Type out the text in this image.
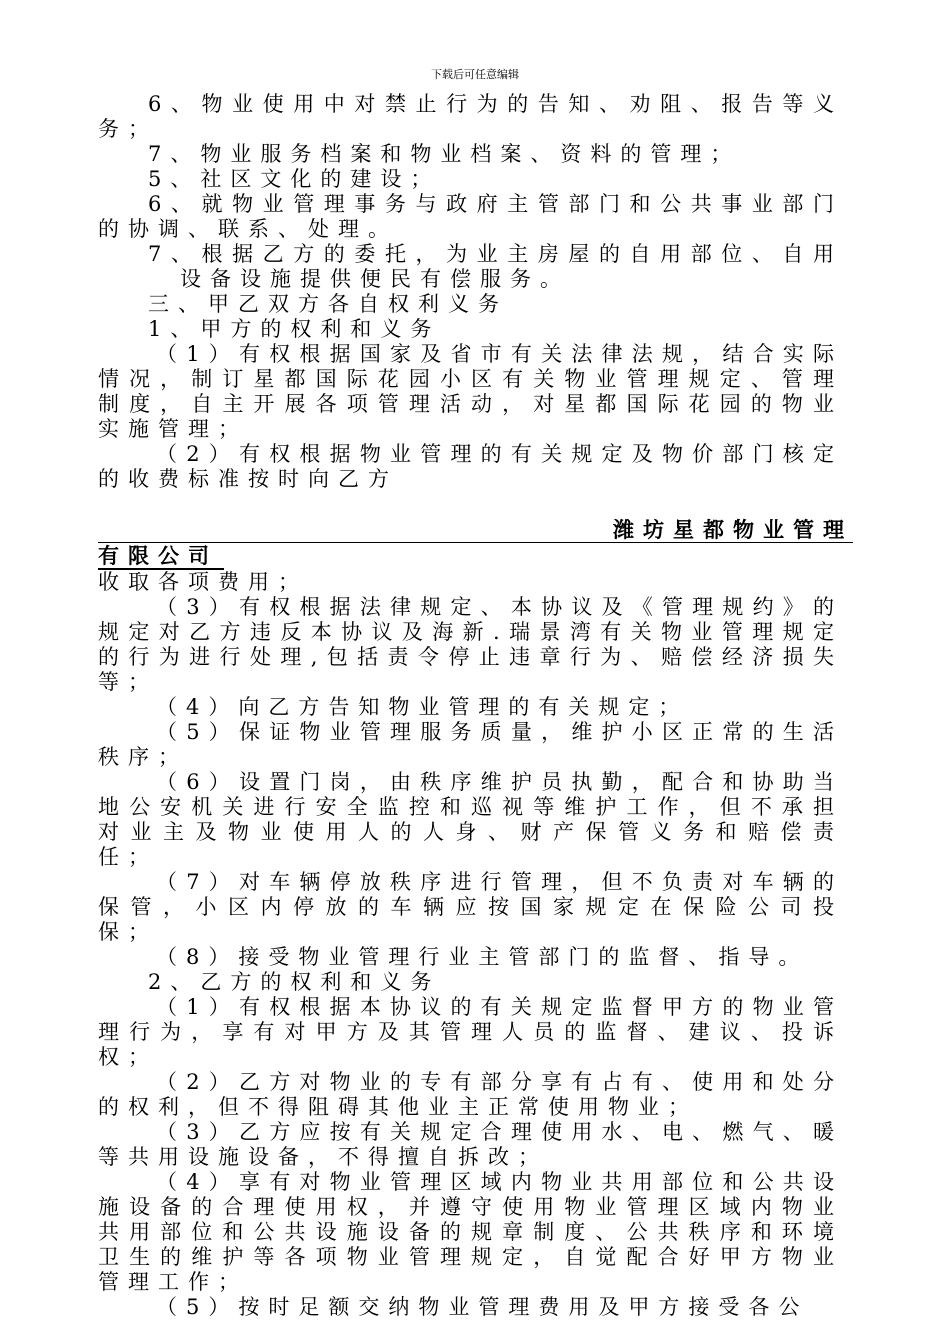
下载后可任意编辑

6、物业使用中对禁止行为的告知、劝阻、报告等义务；

7、物业服务档案和物业档案、资料的管理；

5、社区文化的建设；

6、就物业管理事务与政府主管部门和公共事业部门的协调、联系、处理。

7、根据乙方的委托，为业主房屋的自用部位、自用设备设施提供便民有偿服务。

三、甲乙双方各自权利义务

1、甲方的权利和义务

（1）有权根据国家及省市有关法律法规，结合实际情况，制订星都国际花园小区有关物业管理规定、管理制度，自主开展各项管理活动，对星都国际花园的物业实施管理；

（2）有权根据物业管理的有关规定及物价部门核定的收费标准按时向乙方

潍坊星都物业管理

有限公司

收取各项费用；

（3）有权根据法律规定、本协议及《管理规约》的规定对乙方违反本协议及海新.瑞景湾有关物业管理规定的行为进行处理,包括责令停止违章行为、赔偿经济损失等；

（4）向乙方告知物业管理的有关规定；

（5）保证物业管理服务质量，维护小区正常的生活秩序；

（6）设置门岗，由秩序维护员执勤，配合和协助当地公安机关进行安全监控和巡视等维护工作，但不承担对业主及物业使用人的人身、财产保管义务和赔偿责任；

（7）对车辆停放秩序进行管理，但不负责对车辆的保管，小区内停放的车辆应按国家规定在保险公司投保；

（8）接受物业管理行业主管部门的监督、指导。

2、乙方的权利和义务

（1）有权根据本协议的有关规定监督甲方的物业管理行为，享有对甲方及其管理人员的监督、建议、投诉权；

（2）乙方对物业的专有部分享有占有、使用和处分的权利，但不得阻碍其他业主正常使用物业；

（3）乙方应按有关规定合理使用水、电、燃气、暖等共用设施设备，不得擅自拆改；

（4）享有对物业管理区域内物业共用部位和公共设施设备的合理使用权，并遵守使用物业管理区域内物业共用部位和公共设施设备的规章制度、公共秩序和环境卫生的维护等各项物业管理规定，自觉配合好甲方物业管理工作；

（5）按时足额交纳物业管理费用及甲方接受各公
